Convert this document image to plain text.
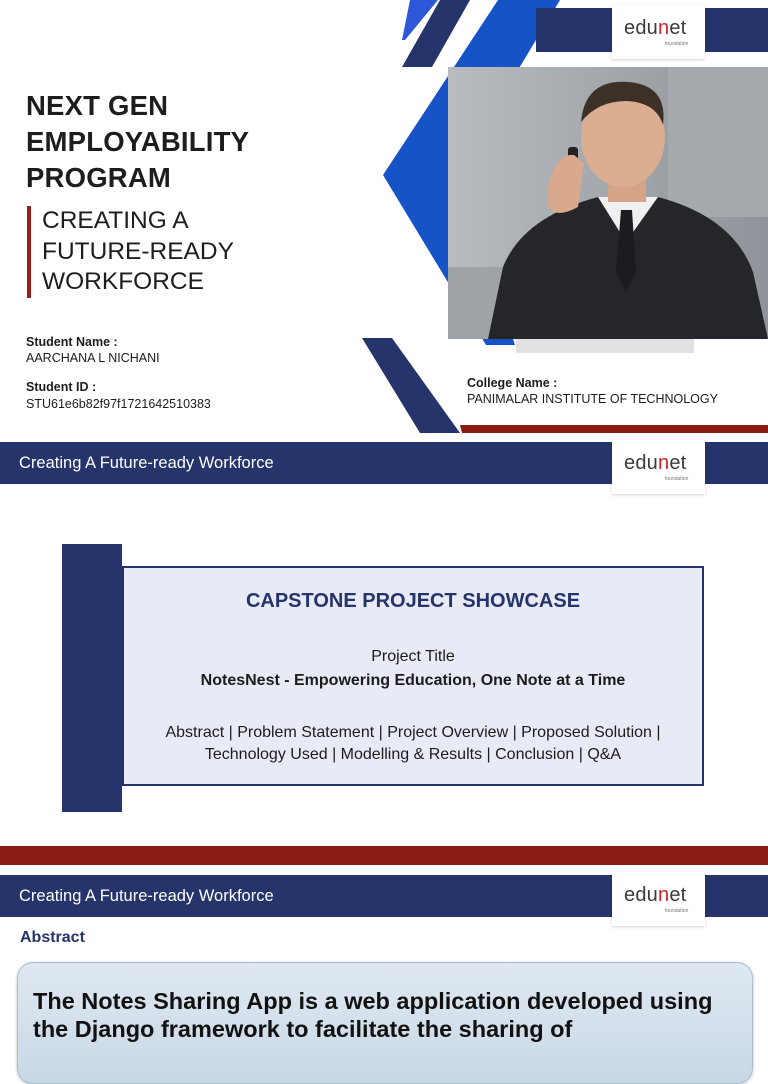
NEXT GEN
EMPLOYABILITY
PROGRAM
CREATING A
FUTURE-READY
WORKFORCE
Student Name :
AARCHANA L NICHANI
Student ID :
STU61e6b82f97f1721642510383
College Name :
PANIMALAR INSTITUTE OF TECHNOLOGY
edunet
foundation
Creating A Future-ready Workforce	edunet
foundation
CAPSTONE PROJECT SHOWCASE
Project Title
NotesNest - Empowering Education, One Note at a Time
Abstract | Problem Statement | Project Overview | Proposed Solution | Technology Used | Modelling & Results | Conclusion | Q&A
Creating A Future-ready Workforce	edunet
foundation
Abstract
The Notes Sharing App is a web application developed using the Django framework to facilitate the sharing of
